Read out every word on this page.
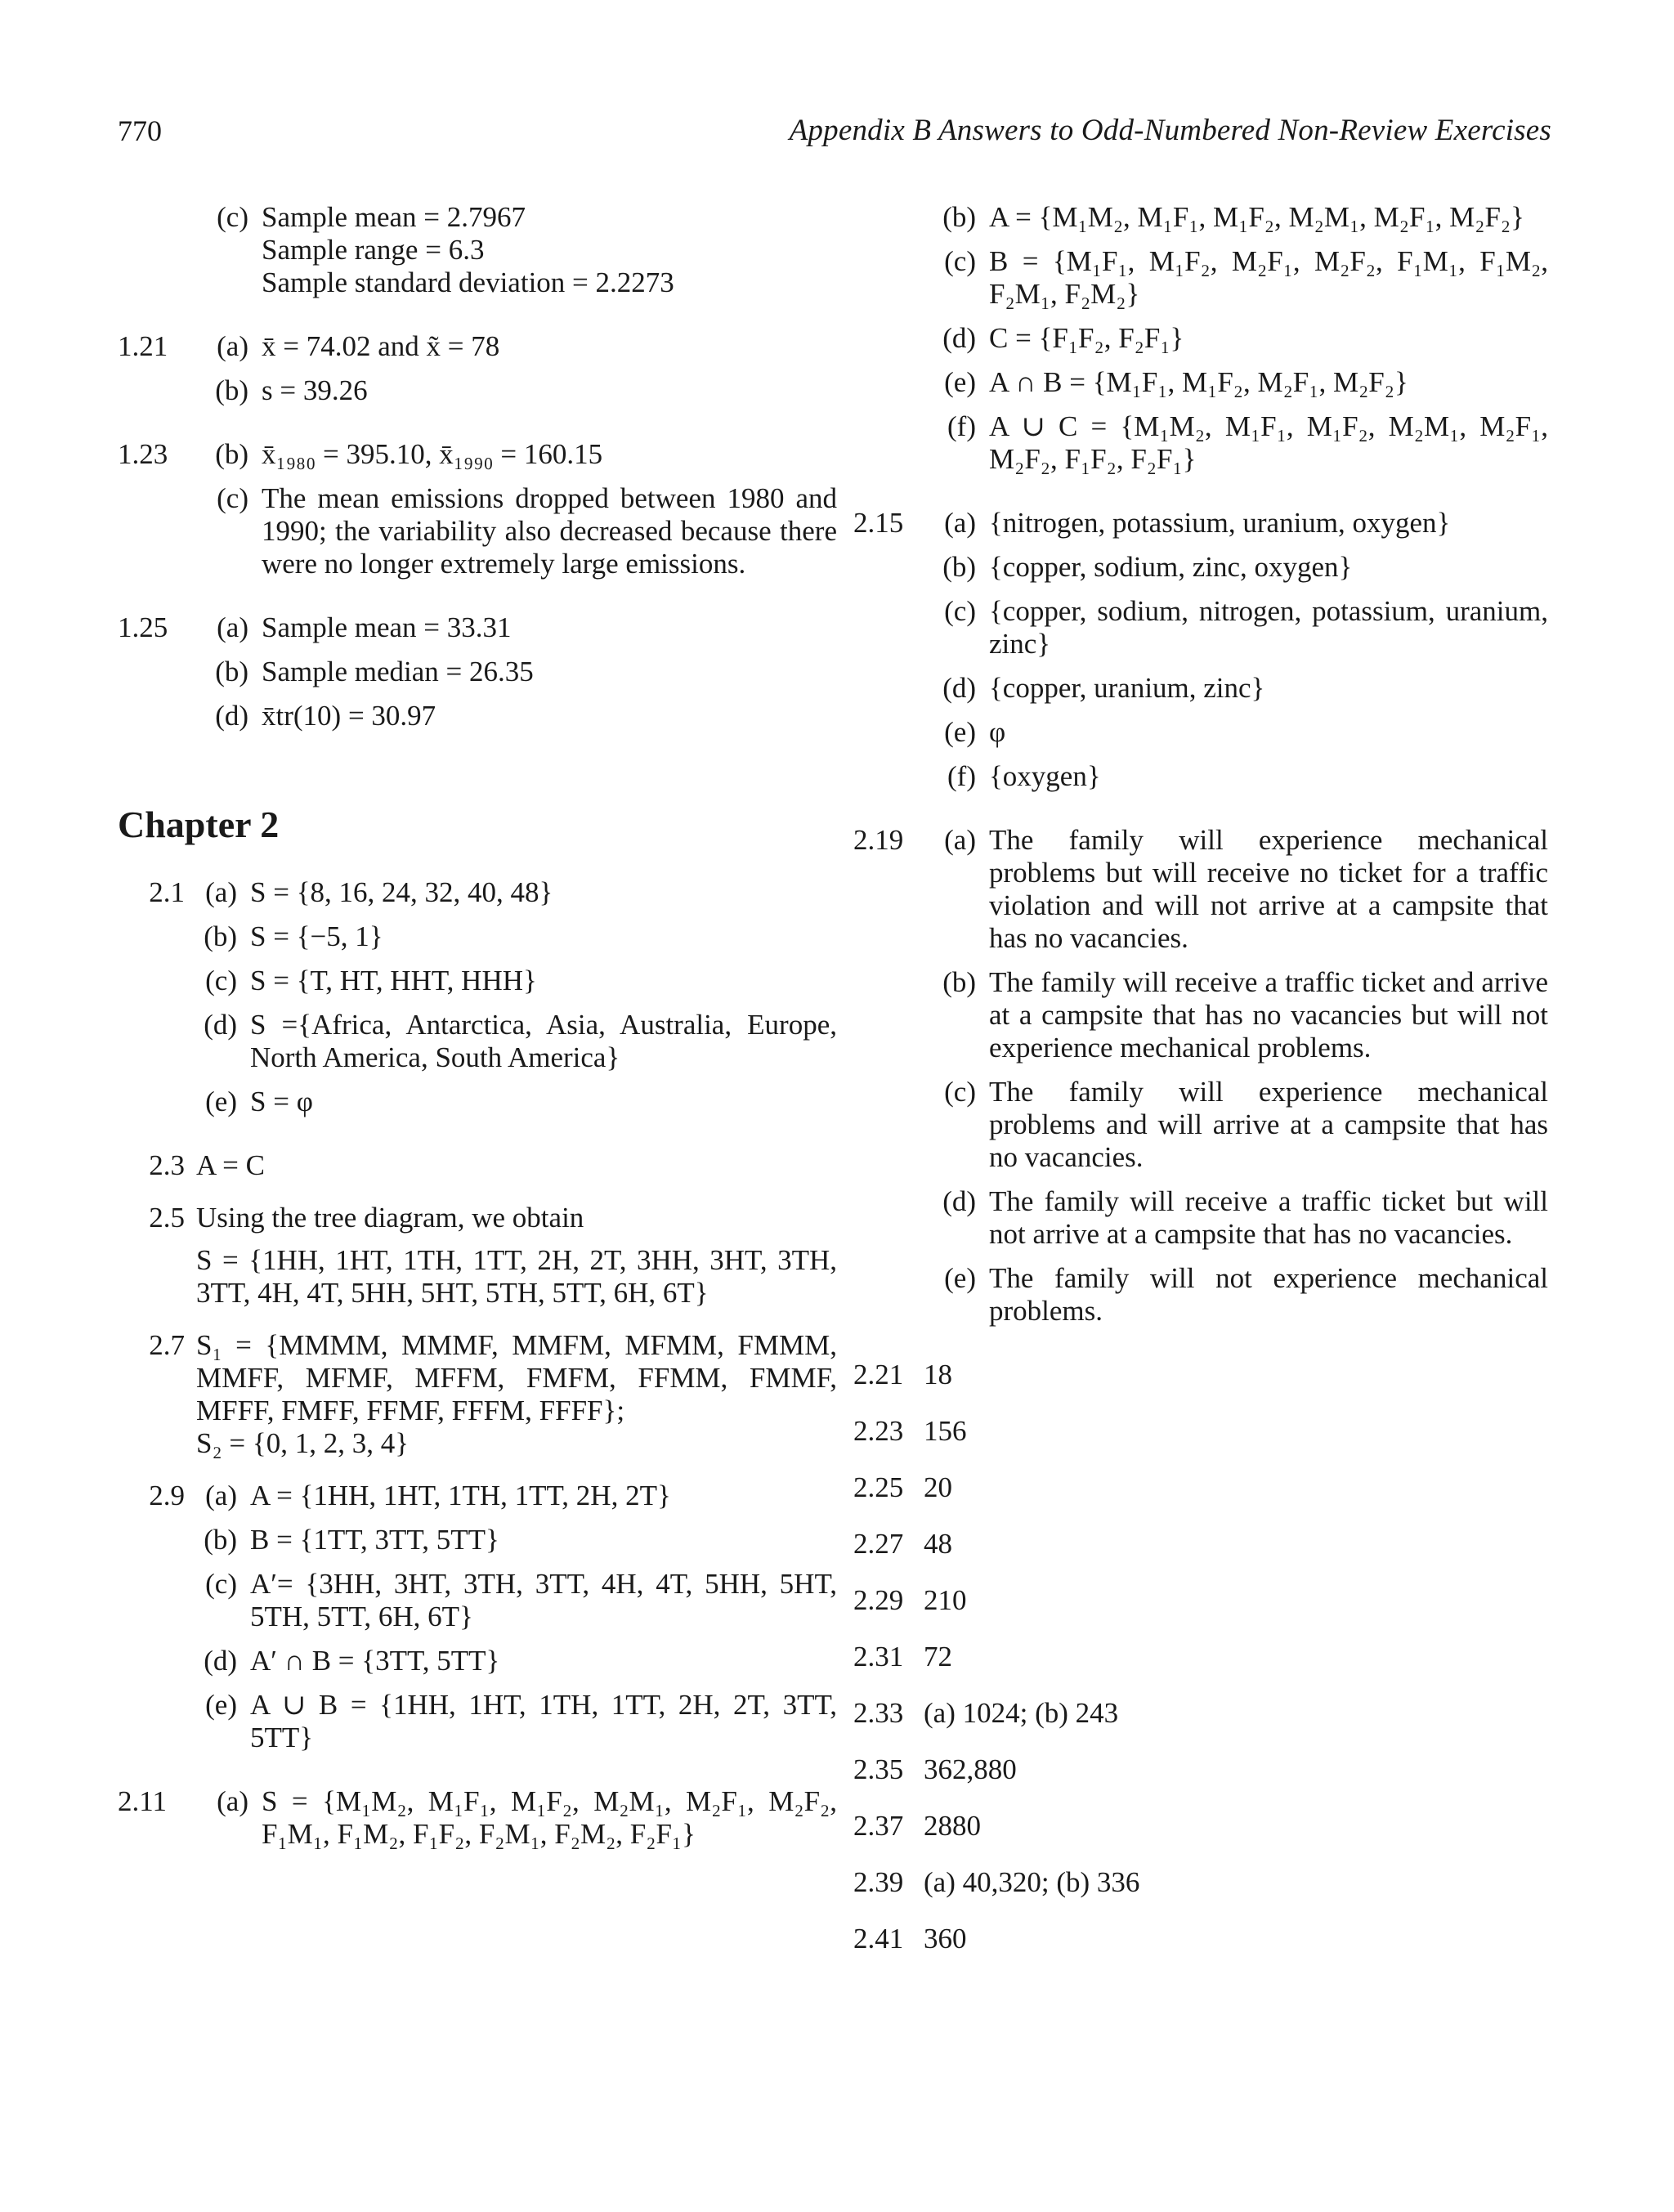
770	Appendix B Answers to Odd-Numbered Non-Review Exercises
(c) Sample mean = 2.7967
Sample range = 6.3
Sample standard deviation = 2.2273
1.21	(a) x̄ = 74.02 and x̃ = 78
(b) s = 39.26
1.23	(b) x̄₁₉₈₀ = 395.10, x̄₁₉₉₀ = 160.15
(c) The mean emissions dropped between 1980 and 1990; the variability also decreased because there were no longer extremely large emissions.
1.25	(a) Sample mean = 33.31
(b) Sample median = 26.35
(d) x̄tr(10) = 30.97
Chapter 2
2.1 (a) S = {8, 16, 24, 32, 40, 48}
(b) S = {−5, 1}
(c) S = {T, HT, HHT, HHH}
(d) S ={Africa, Antarctica, Asia, Australia, Europe, North America, South America}
(e) S = φ
2.3 A = C
2.5 Using the tree diagram, we obtain
S = {1HH, 1HT, 1TH, 1TT, 2H, 2T, 3HH, 3HT, 3TH, 3TT, 4H, 4T, 5HH, 5HT, 5TH, 5TT, 6H, 6T}
2.7 S₁ = {MMMM, MMMF, MMFM, MFMM, FMMM, MMFF, MFMF, MFFM, FMFM, FFMM, FMMF, MFFF, FMFF, FFMF, FFFM, FFFF};
S₂ = {0, 1, 2, 3, 4}
2.9 (a) A = {1HH, 1HT, 1TH, 1TT, 2H, 2T}
(b) B = {1TT, 3TT, 5TT}
(c) A′= {3HH, 3HT, 3TH, 3TT, 4H, 4T, 5HH, 5HT, 5TH, 5TT, 6H, 6T}
(d) A′ ∩ B = {3TT, 5TT}
(e) A ∪ B = {1HH, 1HT, 1TH, 1TT, 2H, 2T, 3TT, 5TT}
2.11	(a) S = {M₁M₂, M₁F₁, M₁F₂, M₂M₁, M₂F₁, M₂F₂, F₁M₁, F₁M₂, F₁F₂, F₂M₁, F₂M₂, F₂F₁}
(b) A = {M₁M₂, M₁F₁, M₁F₂, M₂M₁, M₂F₁, M₂F₂}
(c) B = {M₁F₁, M₁F₂, M₂F₁, M₂F₂, F₁M₁, F₁M₂, F₂M₁, F₂M₂}
(d) C = {F₁F₂, F₂F₁}
(e) A ∩ B = {M₁F₁, M₁F₂, M₂F₁, M₂F₂}
(f) A ∪ C = {M₁M₂, M₁F₁, M₁F₂, M₂M₁, M₂F₁, M₂F₂, F₁F₂, F₂F₁}
2.15	(a) {nitrogen, potassium, uranium, oxygen}
(b) {copper, sodium, zinc, oxygen}
(c) {copper, sodium, nitrogen, potassium, uranium, zinc}
(d) {copper, uranium, zinc}
(e) φ
(f) {oxygen}
2.19	(a) The family will experience mechanical problems but will receive no ticket for a traffic violation and will not arrive at a campsite that has no vacancies.
(b) The family will receive a traffic ticket and arrive at a campsite that has no vacancies but will not experience mechanical problems.
(c) The family will experience mechanical problems and will arrive at a campsite that has no vacancies.
(d) The family will receive a traffic ticket but will not arrive at a campsite that has no vacancies.
(e) The family will not experience mechanical problems.
2.21 18
2.23 156
2.25 20
2.27 48
2.29 210
2.31 72
2.33 (a) 1024; (b) 243
2.35 362,880
2.37 2880
2.39 (a) 40,320; (b) 336
2.41 360
